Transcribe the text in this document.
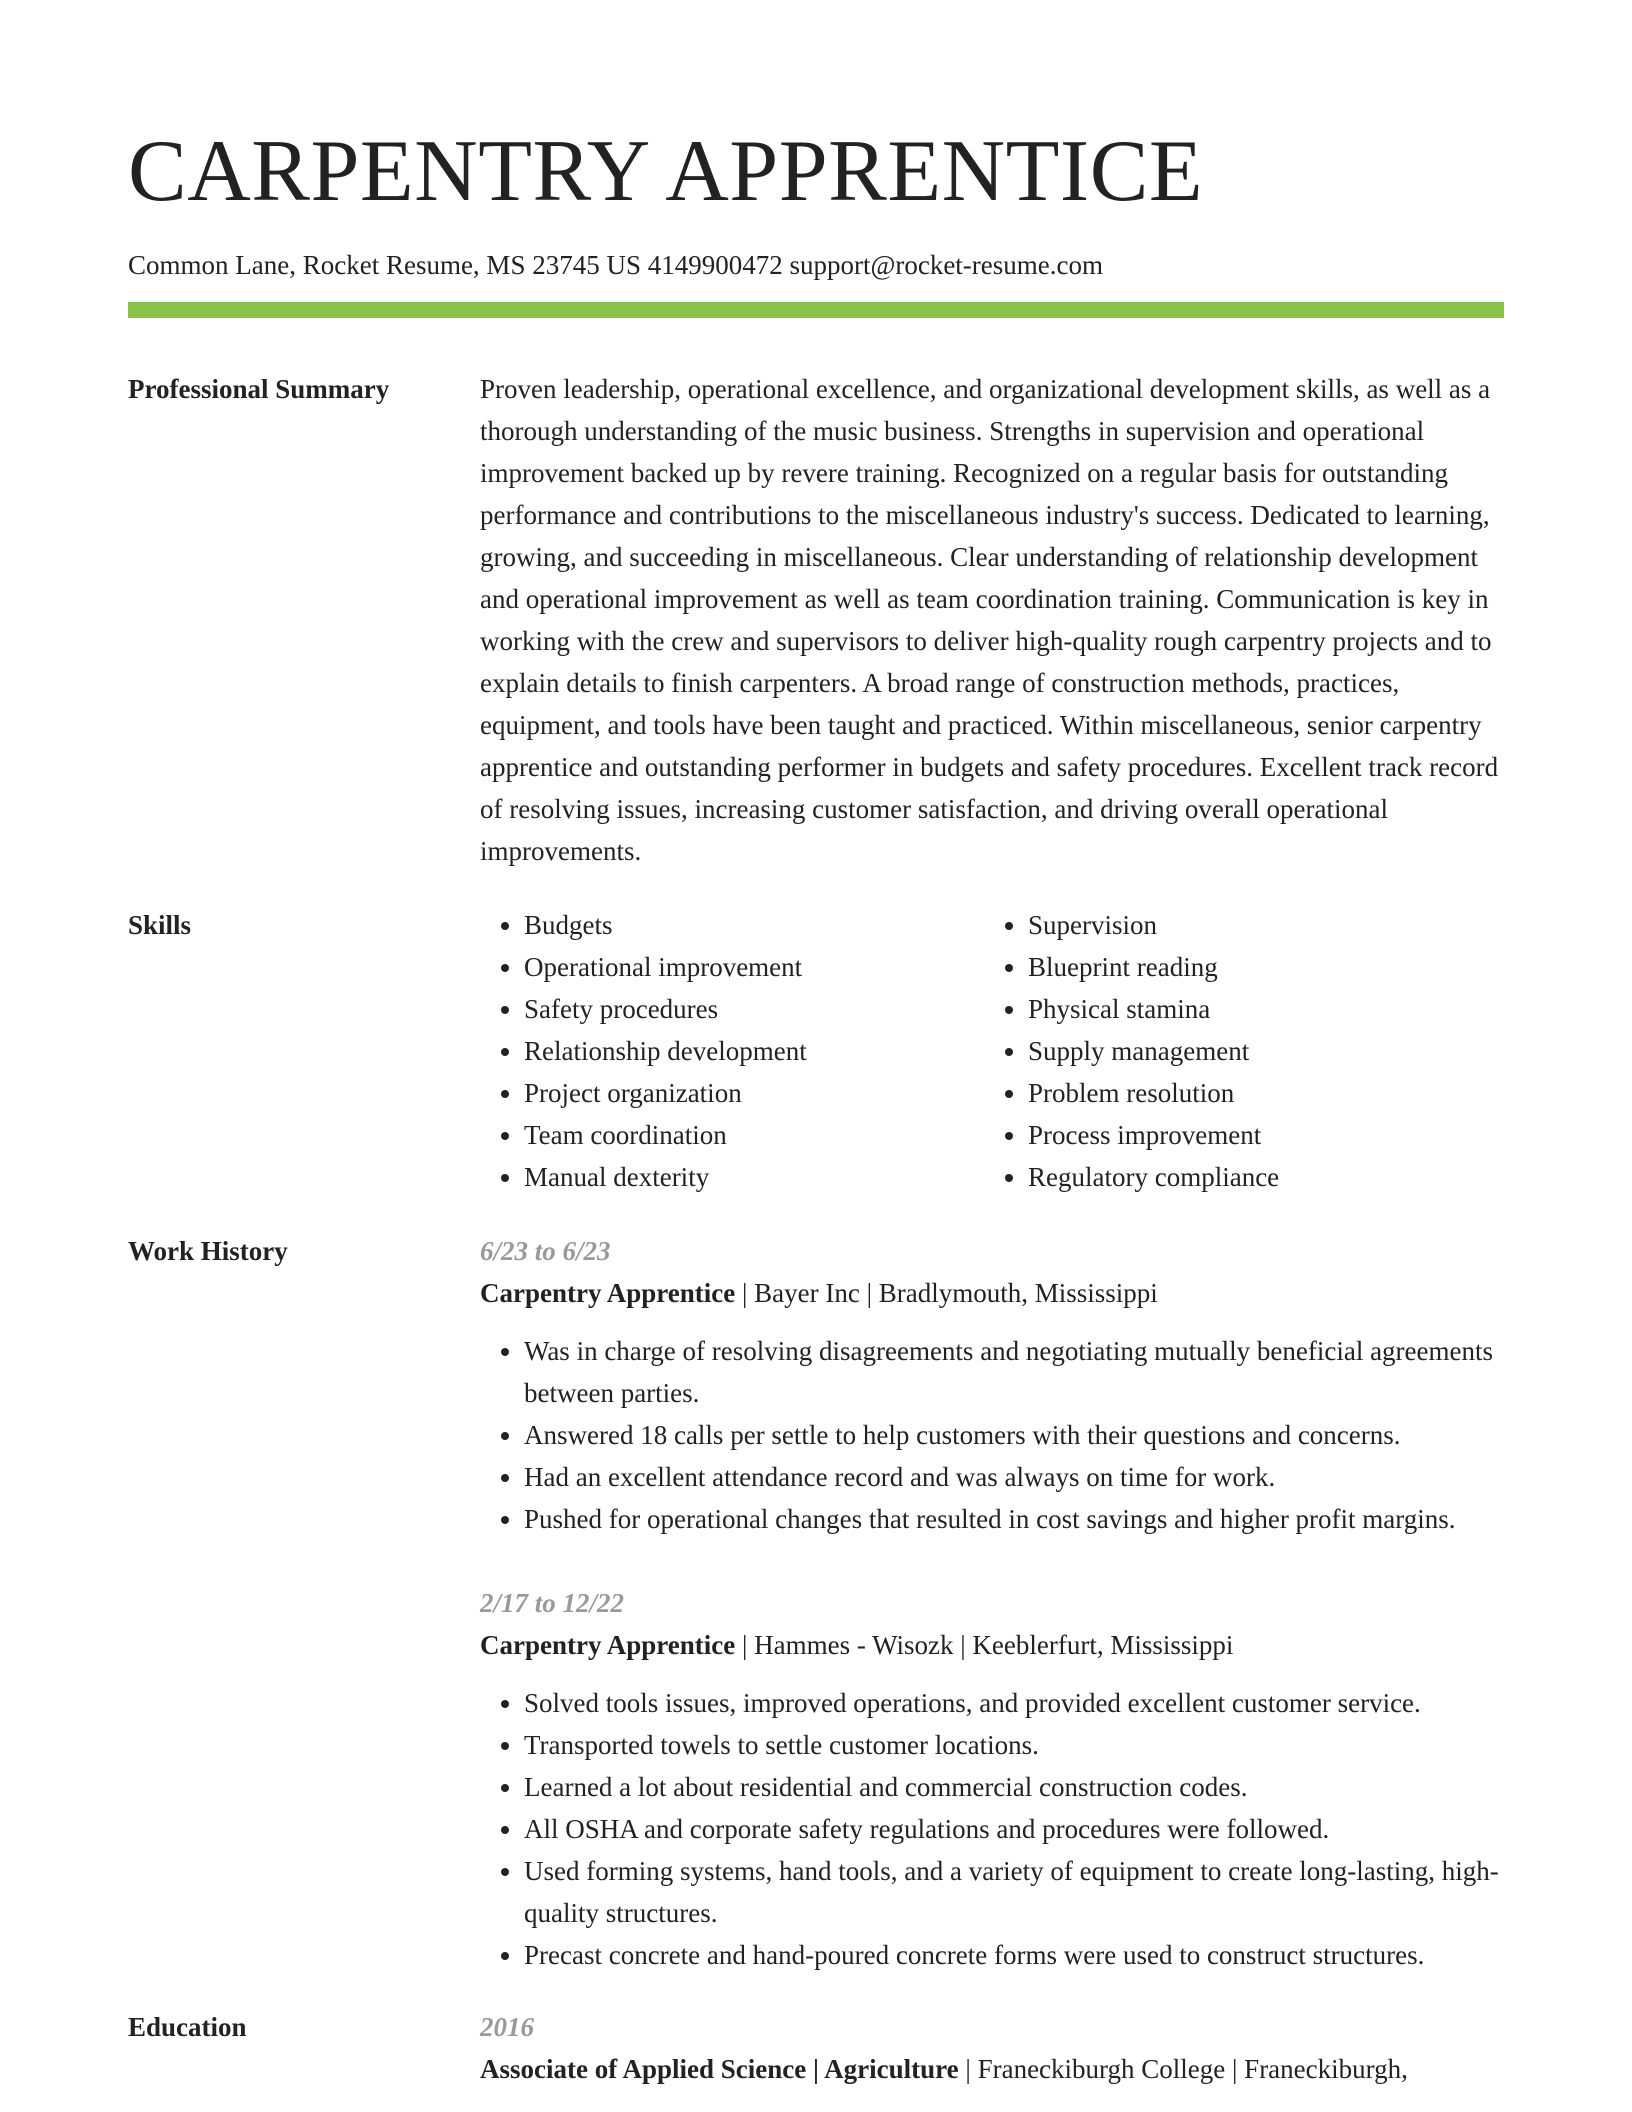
CARPENTRY APPRENTICE
Common Lane, Rocket Resume, MS 23745 US 4149900472 support@rocket-resume.com
Professional Summary	Proven leadership, operational excellence, and organizational development skills, as well as a thorough understanding of the music business. Strengths in supervision and operational improvement backed up by revere training. Recognized on a regular basis for outstanding performance and contributions to the miscellaneous industry's success. Dedicated to learning, growing, and succeeding in miscellaneous. Clear understanding of relationship development and operational improvement as well as team coordination training. Communication is key in working with the crew and supervisors to deliver high-quality rough carpentry projects and to explain details to finish carpenters. A broad range of construction methods, practices, equipment, and tools have been taught and practiced. Within miscellaneous, senior carpentry apprentice and outstanding performer in budgets and safety procedures. Excellent track record of resolving issues, increasing customer satisfaction, and driving overall operational improvements.
Skills
•	Budgets
• Operational improvement
• Safety procedures
• Relationship development
• Project organization
• Team coordination
• Manual dexterity
• Supervision
• Blueprint reading
• Physical stamina
• Supply management
• Problem resolution
• Process improvement
• Regulatory compliance
Work History	6/23 to 6/23
Carpentry Apprentice | Bayer Inc | Bradlymouth, Mississippi
• Was in charge of resolving disagreements and negotiating mutually beneficial agreements between parties.
• Answered 18 calls per settle to help customers with their questions and concerns.
• Had an excellent attendance record and was always on time for work.
• Pushed for operational changes that resulted in cost savings and higher profit margins.
2/17 to 12/22
Carpentry Apprentice | Hammes - Wisozk | Keeblerfurt, Mississippi
• Solved tools issues, improved operations, and provided excellent customer service.
• Transported towels to settle customer locations.
• Learned a lot about residential and commercial construction codes.
• All OSHA and corporate safety regulations and procedures were followed.
• Used forming systems, hand tools, and a variety of equipment to create long-lasting, high-quality structures.
• Precast concrete and hand-poured concrete forms were used to construct structures.
Education	2016
Associate of Applied Science | Agriculture | Franeckiburgh College | Franeckiburgh,
